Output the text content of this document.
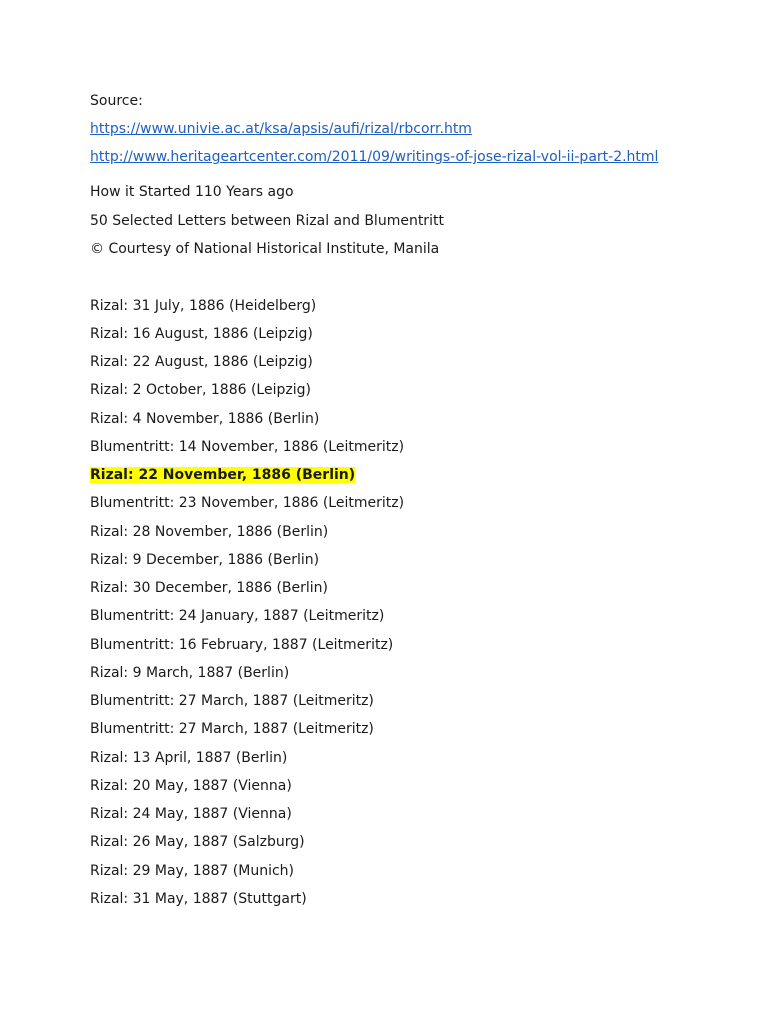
Source:
https://www.univie.ac.at/ksa/apsis/aufi/rizal/rbcorr.htm
http://www.heritageartcenter.com/2011/09/writings-of-jose-rizal-vol-ii-part-2.html
How it Started 110 Years ago
50 Selected Letters between Rizal and Blumentritt
© Courtesy of National Historical Institute, Manila
Rizal: 31 July, 1886 (Heidelberg)
Rizal: 16 August, 1886 (Leipzig)
Rizal: 22 August, 1886 (Leipzig)
Rizal: 2 October, 1886 (Leipzig)
Rizal: 4 November, 1886 (Berlin)
Blumentritt: 14 November, 1886 (Leitmeritz)
Rizal: 22 November, 1886 (Berlin)
Blumentritt: 23 November, 1886 (Leitmeritz)
Rizal: 28 November, 1886 (Berlin)
Rizal: 9 December, 1886 (Berlin)
Rizal: 30 December, 1886 (Berlin)
Blumentritt: 24 January, 1887 (Leitmeritz)
Blumentritt: 16 February, 1887 (Leitmeritz)
Rizal: 9 March, 1887 (Berlin)
Blumentritt: 27 March, 1887 (Leitmeritz)
Blumentritt: 27 March, 1887 (Leitmeritz)
Rizal: 13 April, 1887 (Berlin)
Rizal: 20 May, 1887 (Vienna)
Rizal: 24 May, 1887 (Vienna)
Rizal: 26 May, 1887 (Salzburg)
Rizal: 29 May, 1887 (Munich)
Rizal: 31 May, 1887 (Stuttgart)
